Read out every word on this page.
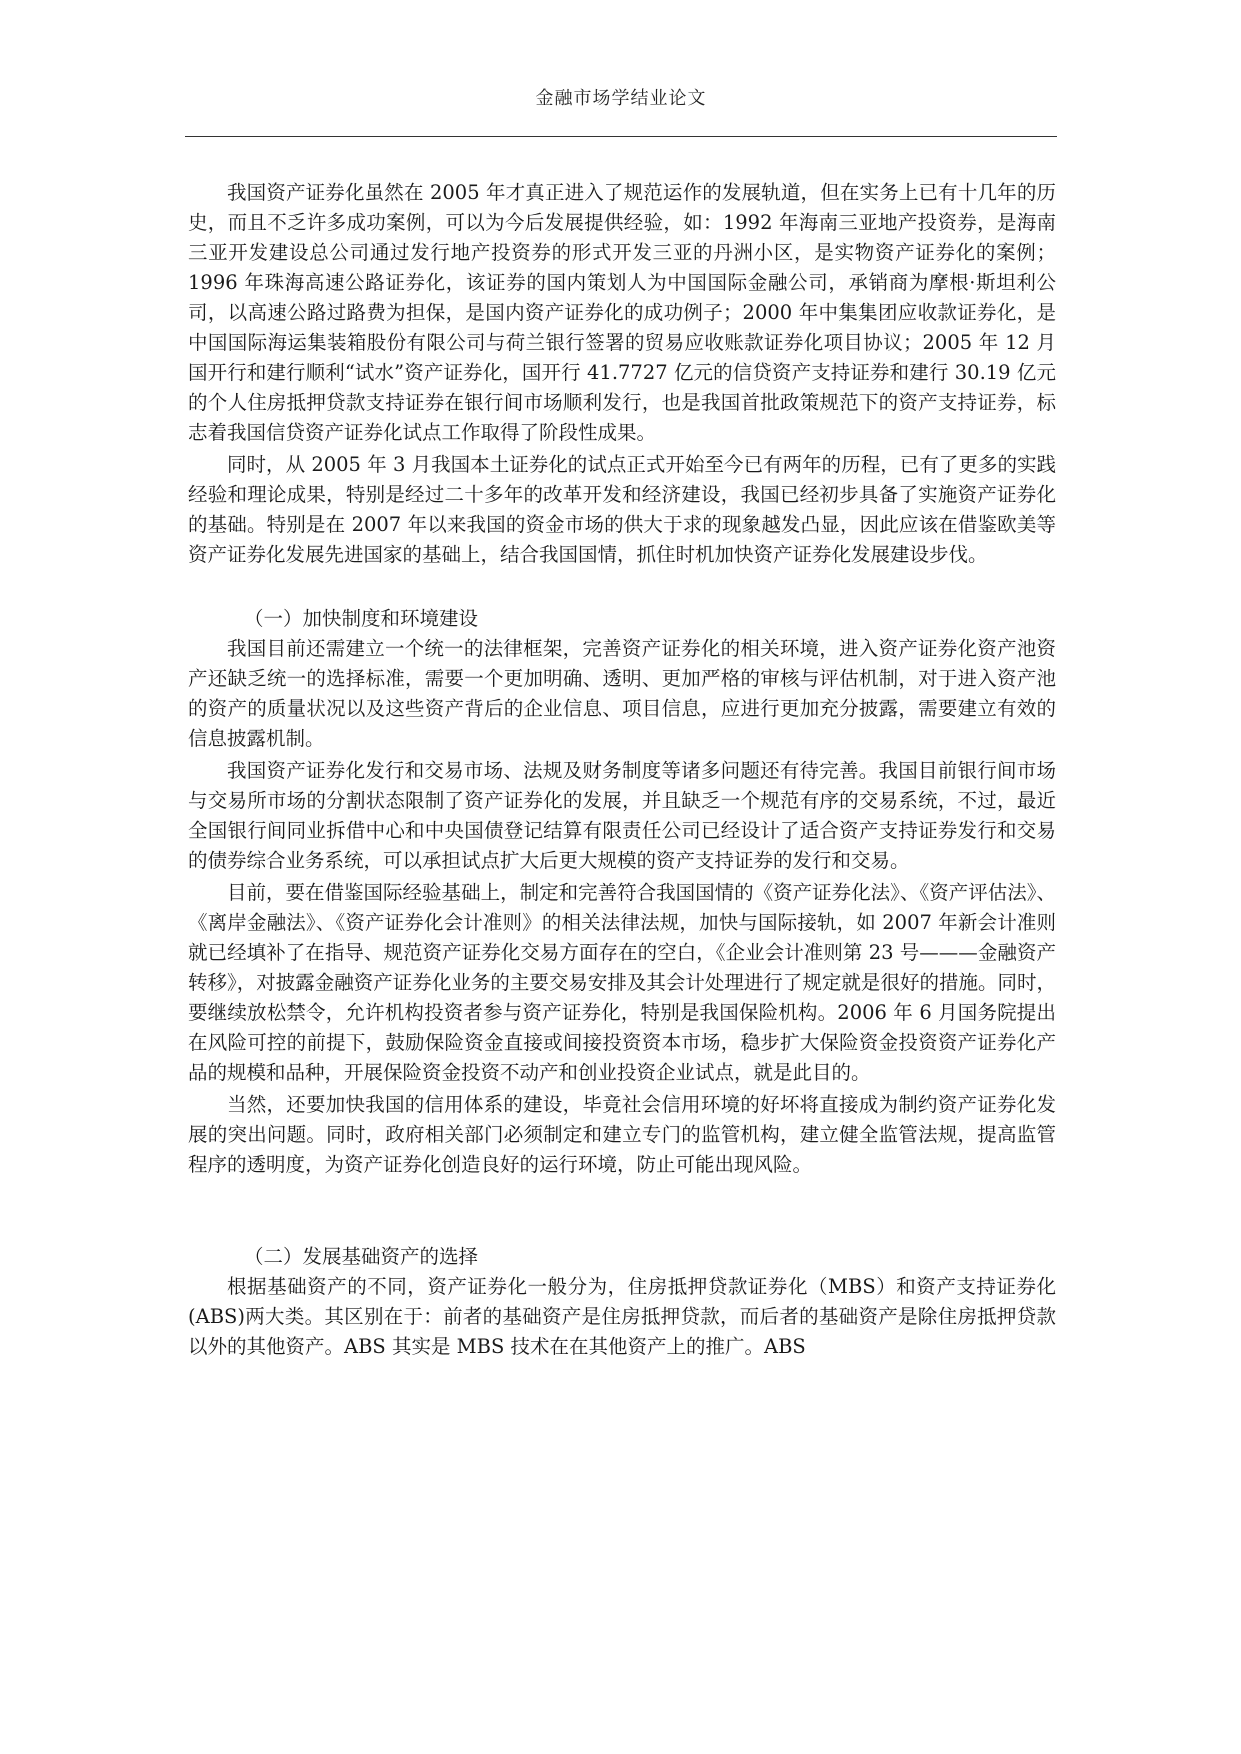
金融市场学结业论文

我国资产证券化虽然在 2005 年才真正进入了规范运作的发展轨道，但在实务上已有十几年的历史，而且不乏许多成功案例，可以为今后发展提供经验，如：1992 年海南三亚地产投资券，是海南三亚开发建设总公司通过发行地产投资券的形式开发三亚的丹洲小区，是实物资产证券化的案例；1996 年珠海高速公路证券化，该证券的国内策划人为中国国际金融公司，承销商为摩根·斯坦利公司，以高速公路过路费为担保，是国内资产证券化的成功例子；2000 年中集集团应收款证券化，是中国国际海运集装箱股份有限公司与荷兰银行签署的贸易应收账款证券化项目协议；2005 年 12 月国开行和建行顺利“试水”资产证券化，国开行 41.7727 亿元的信贷资产支持证券和建行 30.19 亿元的个人住房抵押贷款支持证券在银行间市场顺利发行，也是我国首批政策规范下的资产支持证券，标志着我国信贷资产证券化试点工作取得了阶段性成果。

同时，从 2005 年 3 月我国本土证券化的试点正式开始至今已有两年的历程，已有了更多的实践经验和理论成果，特别是经过二十多年的改革开发和经济建设，我国已经初步具备了实施资产证券化的基础。特别是在 2007 年以来我国的资金市场的供大于求的现象越发凸显，因此应该在借鉴欧美等资产证券化发展先进国家的基础上，结合我国国情，抓住时机加快资产证券化发展建设步伐。

（一）加快制度和环境建设

我国目前还需建立一个统一的法律框架，完善资产证券化的相关环境，进入资产证券化资产池资产还缺乏统一的选择标准，需要一个更加明确、透明、更加严格的审核与评估机制，对于进入资产池的资产的质量状况以及这些资产背后的企业信息、项目信息，应进行更加充分披露，需要建立有效的信息披露机制。

我国资产证券化发行和交易市场、法规及财务制度等诸多问题还有待完善。我国目前银行间市场与交易所市场的分割状态限制了资产证券化的发展，并且缺乏一个规范有序的交易系统，不过，最近全国银行间同业拆借中心和中央国债登记结算有限责任公司已经设计了适合资产支持证券发行和交易的债券综合业务系统，可以承担试点扩大后更大规模的资产支持证券的发行和交易。

目前，要在借鉴国际经验基础上，制定和完善符合我国国情的《资产证券化法》、《资产评估法》、《离岸金融法》、《资产证券化会计准则》的相关法律法规，加快与国际接轨，如 2007 年新会计准则就已经填补了在指导、规范资产证券化交易方面存在的空白，《企业会计准则第 23 号———金融资产转移》，对披露金融资产证券化业务的主要交易安排及其会计处理进行了规定就是很好的措施。同时，要继续放松禁令，允许机构投资者参与资产证券化，特别是我国保险机构。2006 年 6 月国务院提出在风险可控的前提下，鼓励保险资金直接或间接投资资本市场，稳步扩大保险资金投资资产证券化产品的规模和品种，开展保险资金投资不动产和创业投资企业试点，就是此目的。

当然，还要加快我国的信用体系的建设，毕竟社会信用环境的好坏将直接成为制约资产证券化发展的突出问题。同时，政府相关部门必须制定和建立专门的监管机构，建立健全监管法规，提高监管程序的透明度，为资产证券化创造良好的运行环境，防止可能出现风险。

（二）发展基础资产的选择

根据基础资产的不同，资产证券化一般分为，住房抵押贷款证券化（MBS）和资产支持证券化(ABS)两大类。其区别在于：前者的基础资产是住房抵押贷款，而后者的基础资产是除住房抵押贷款以外的其他资产。ABS 其实是 MBS 技术在在其他资产上的推广。ABS
